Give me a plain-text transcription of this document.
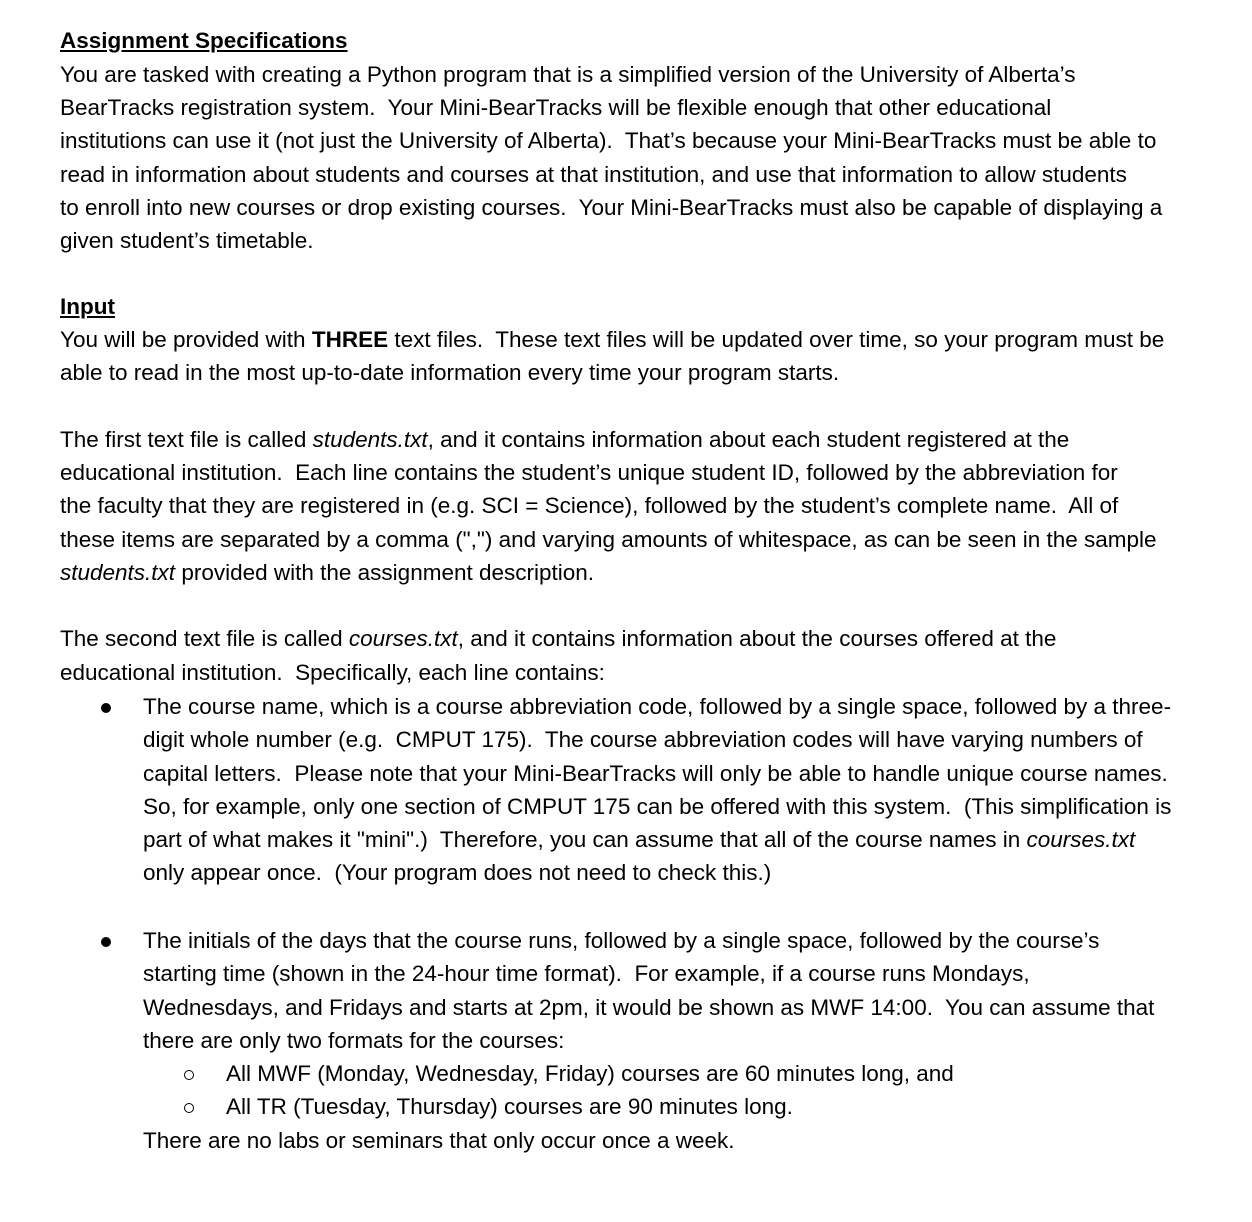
Assignment Specifications
You are tasked with creating a Python program that is a simplified version of the University of Alberta’s
BearTracks registration system.  Your Mini-BearTracks will be flexible enough that other educational
institutions can use it (not just the University of Alberta).  That’s because your Mini-BearTracks must be able to
read in information about students and courses at that institution, and use that information to allow students
to enroll into new courses or drop existing courses.  Your Mini-BearTracks must also be capable of displaying a
given student’s timetable.
Input
You will be provided with THREE text files.  These text files will be updated over time, so your program must be
able to read in the most up-to-date information every time your program starts.
The first text file is called students.txt, and it contains information about each student registered at the
educational institution.  Each line contains the student’s unique student ID, followed by the abbreviation for
the faculty that they are registered in (e.g. SCI = Science), followed by the student’s complete name.  All of
these items are separated by a comma (",") and varying amounts of whitespace, as can be seen in the sample
students.txt provided with the assignment description.
The second text file is called courses.txt, and it contains information about the courses offered at the
educational institution.  Specifically, each line contains:
The course name, which is a course abbreviation code, followed by a single space, followed by a three-
digit whole number (e.g.  CMPUT 175).  The course abbreviation codes will have varying numbers of
capital letters.  Please note that your Mini-BearTracks will only be able to handle unique course names.
So, for example, only one section of CMPUT 175 can be offered with this system.  (This simplification is
part of what makes it "mini".)  Therefore, you can assume that all of the course names in courses.txt
only appear once.  (Your program does not need to check this.)
The initials of the days that the course runs, followed by a single space, followed by the course’s
starting time (shown in the 24-hour time format).  For example, if a course runs Mondays,
Wednesdays, and Fridays and starts at 2pm, it would be shown as MWF 14:00.  You can assume that
there are only two formats for the courses:
All MWF (Monday, Wednesday, Friday) courses are 60 minutes long, and
All TR (Tuesday, Thursday) courses are 90 minutes long.
There are no labs or seminars that only occur once a week.
